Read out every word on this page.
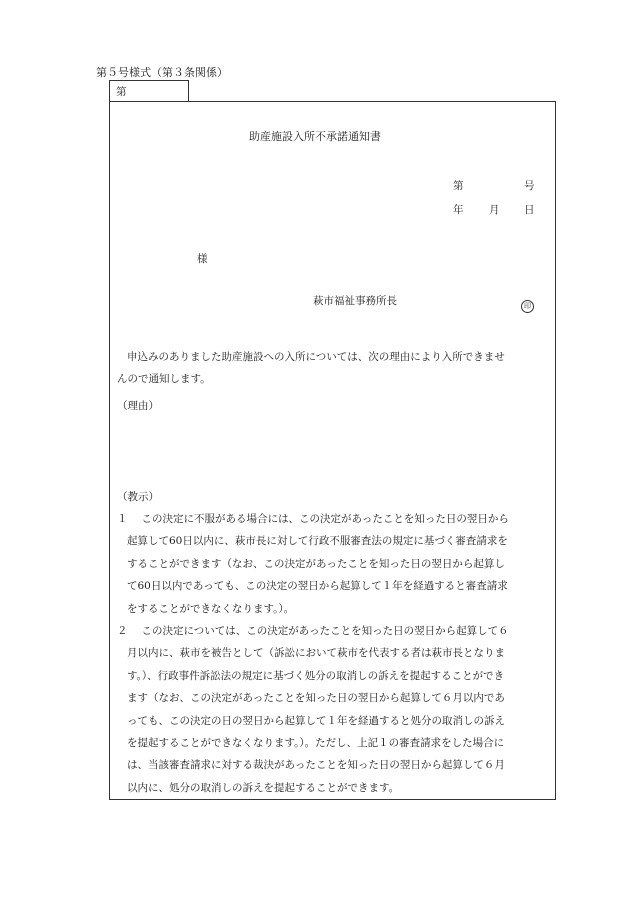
第５号様式（第３条関係）
第
助産施設入所不承諾通知書
第	号
年 月 日
様
萩市福祉事務所長	印
申込みのありました助産施設への入所については、次の理由により入所できませ
んので通知します。
（理由）
（教示）
１ この決定に不服がある場合には、この決定があったことを知った日の翌日から
起算して60日以内に、萩市長に対して行政不服審査法の規定に基づく審査請求を
することができます（なお、この決定があったことを知った日の翌日から起算し
て60日以内であっても、この決定の翌日から起算して１年を経過すると審査請求
をすることができなくなります。）。
２ この決定については、この決定があったことを知った日の翌日から起算して６
月以内に、萩市を被告として（訴訟において萩市を代表する者は萩市長となりま
す。）、行政事件訴訟法の規定に基づく処分の取消しの訴えを提起することができ
ます（なお、この決定があったことを知った日の翌日から起算して６月以内であ
っても、この決定の日の翌日から起算して１年を経過すると処分の取消しの訴え
を提起することができなくなります。）。ただし、上記１の審査請求をした場合に
は、当該審査請求に対する裁決があったことを知った日の翌日から起算して６月
以内に、処分の取消しの訴えを提起することができます。
